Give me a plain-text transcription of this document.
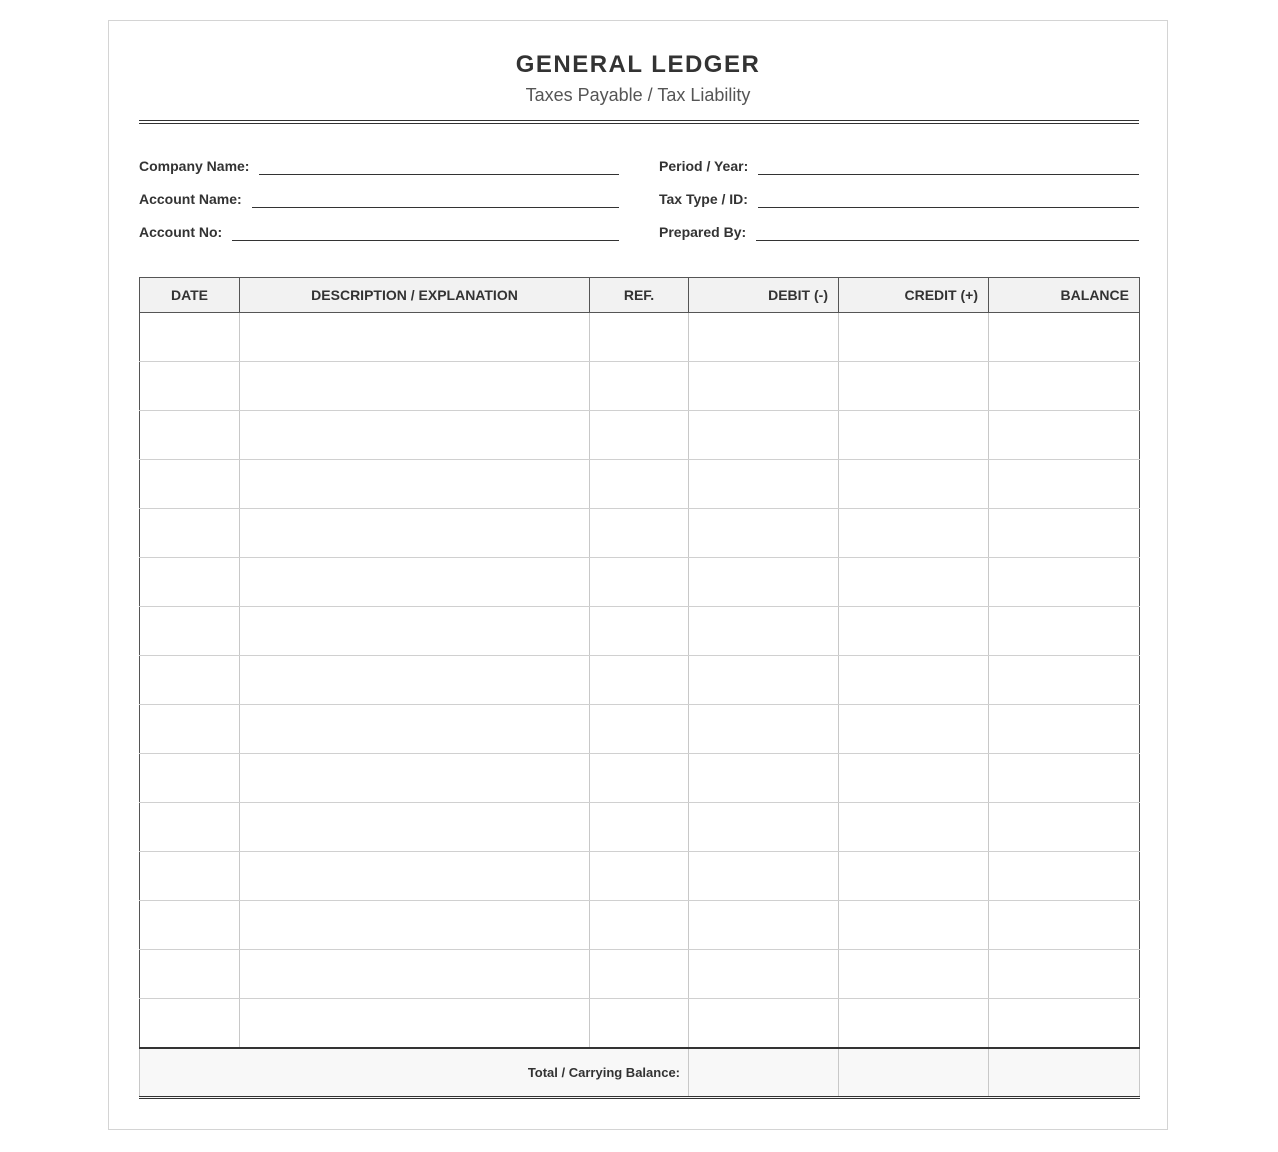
GENERAL LEDGER
Taxes Payable / Tax Liability
Company Name:
Account Name:
Account No:
Period / Year:
Tax Type / ID:
Prepared By:
DATE	DESCRIPTION / EXPLANATION	REF.	DEBIT (-)	CREDIT (+)	BALANCE

Total / Carrying Balance:					
